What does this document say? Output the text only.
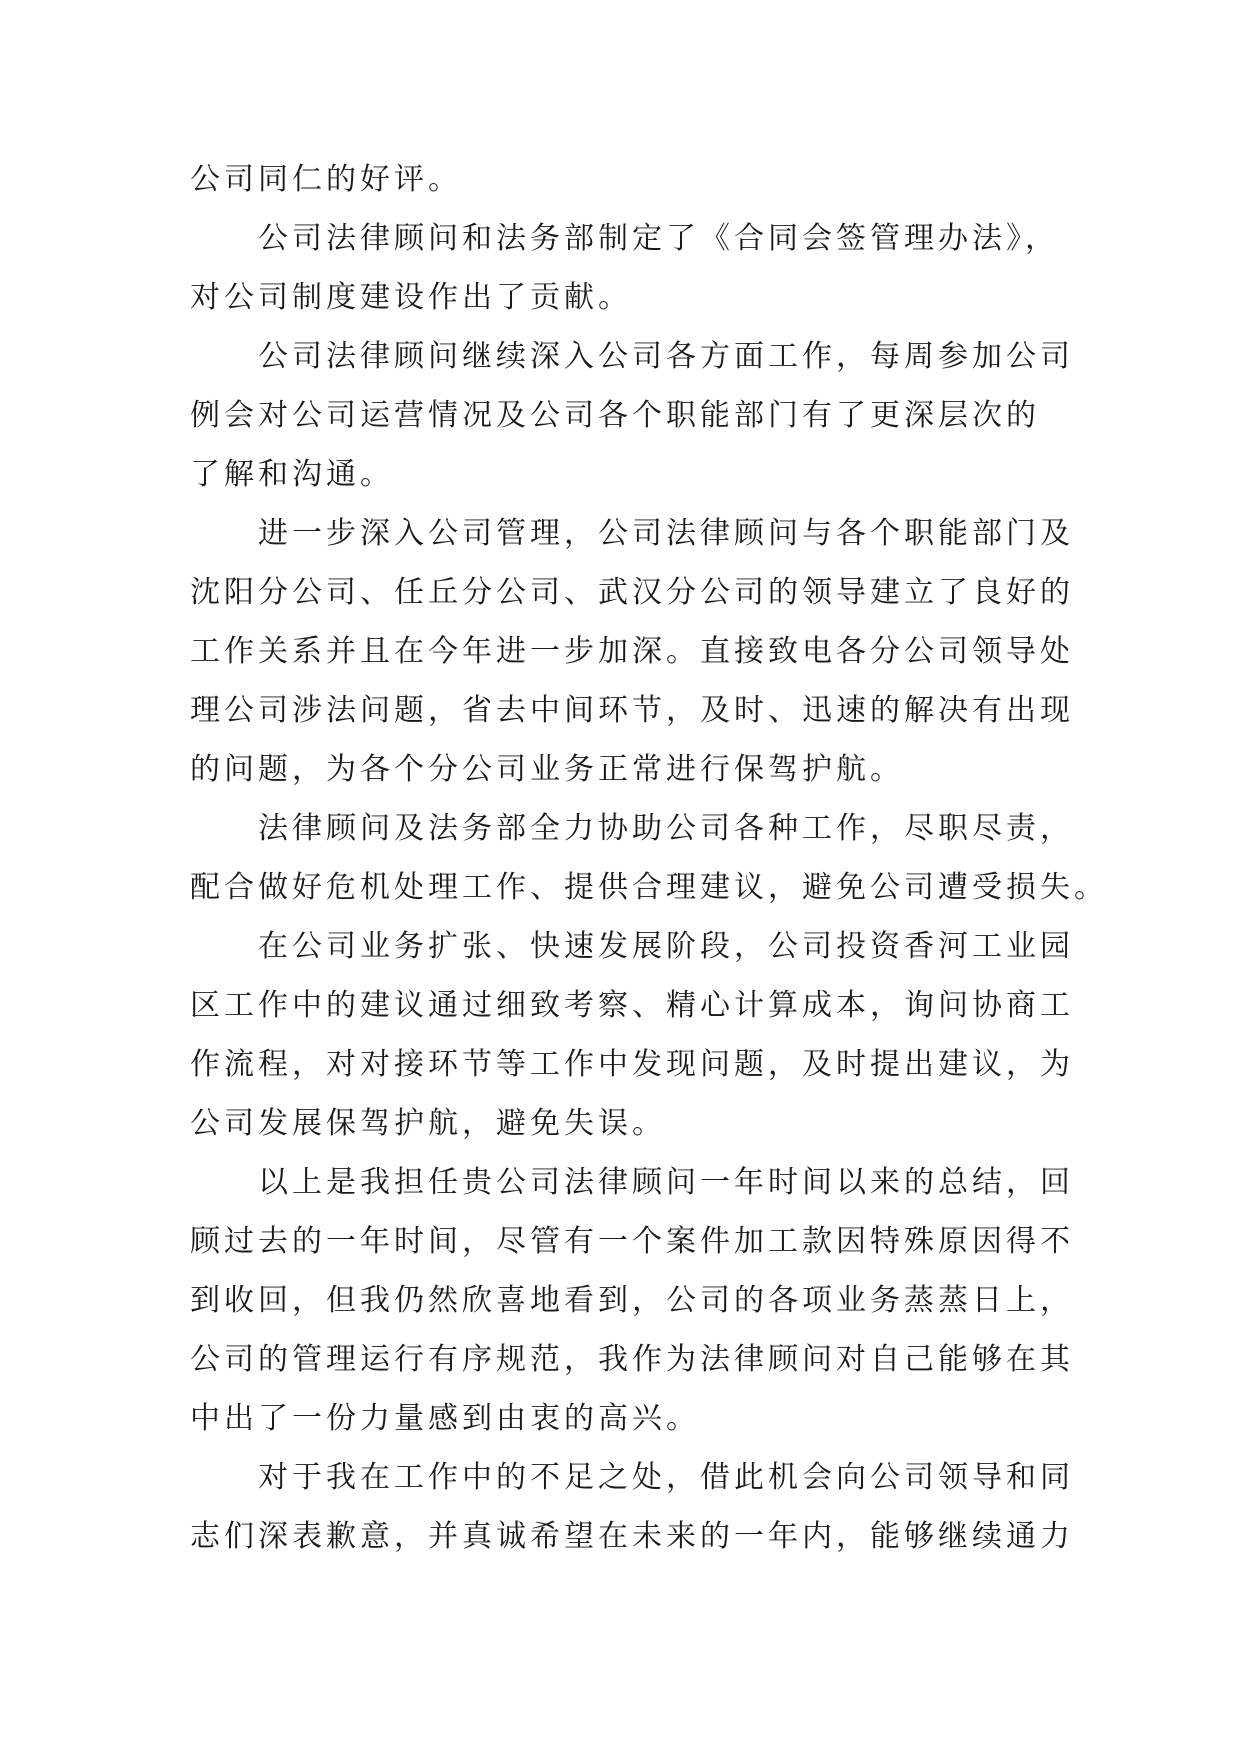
公司同仁的好评。
公司法律顾问和法务部制定了《合同会签管理办法》，
对公司制度建设作出了贡献。
公司法律顾问继续深入公司各方面工作，每周参加公司
例会对公司运营情况及公司各个职能部门有了更深层次的
了解和沟通。
进一步深入公司管理，公司法律顾问与各个职能部门及
沈阳分公司、任丘分公司、武汉分公司的领导建立了良好的
工作关系并且在今年进一步加深。直接致电各分公司领导处
理公司涉法问题，省去中间环节，及时、迅速的解决有出现
的问题，为各个分公司业务正常进行保驾护航。
法律顾问及法务部全力协助公司各种工作，尽职尽责，
配合做好危机处理工作、提供合理建议，避免公司遭受损失。
在公司业务扩张、快速发展阶段，公司投资香河工业园
区工作中的建议通过细致考察、精心计算成本，询问协商工
作流程，对对接环节等工作中发现问题，及时提出建议，为
公司发展保驾护航，避免失误。
以上是我担任贵公司法律顾问一年时间以来的总结，回
顾过去的一年时间，尽管有一个案件加工款因特殊原因得不
到收回，但我仍然欣喜地看到，公司的各项业务蒸蒸日上，
公司的管理运行有序规范，我作为法律顾问对自己能够在其
中出了一份力量感到由衷的高兴。
对于我在工作中的不足之处，借此机会向公司领导和同
志们深表歉意，并真诚希望在未来的一年内，能够继续通力
